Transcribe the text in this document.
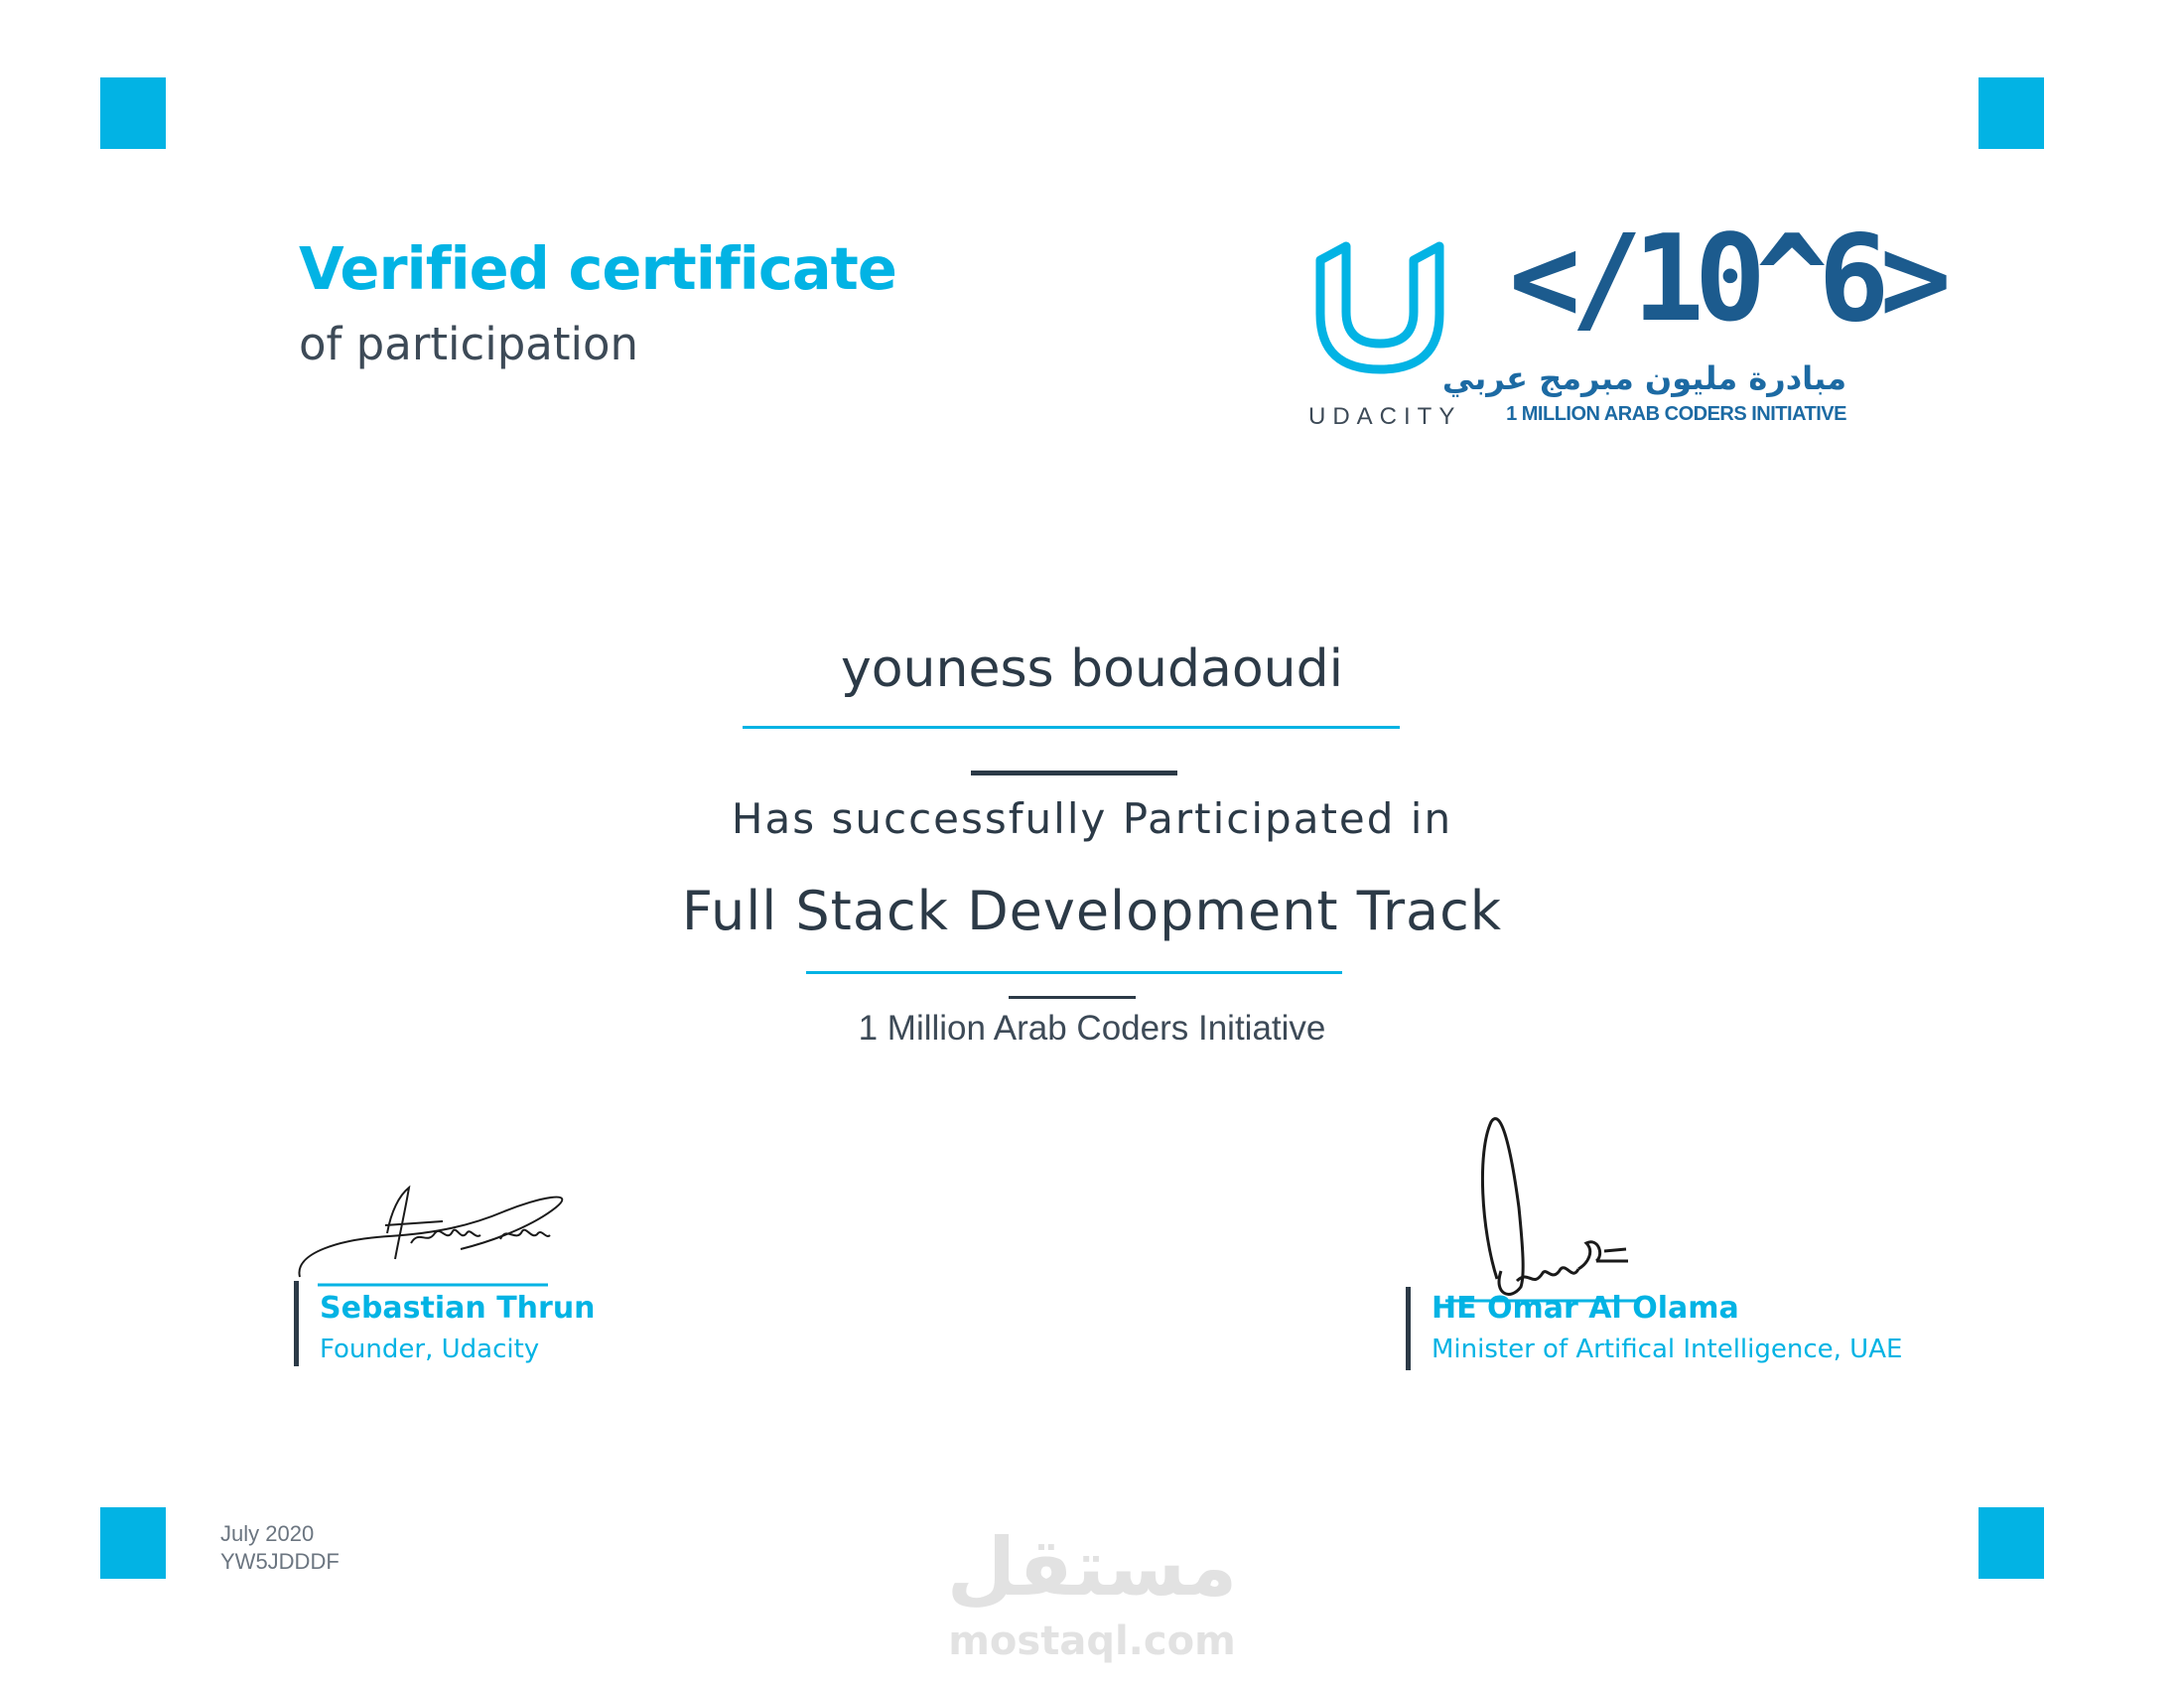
Verified certificate
of participation
UDACITY
</10^6>
مبادرة مليون مبرمج عربي
1 MILLION ARAB CODERS INITIATIVE
youness boudaoudi
Has successfully Participated in
Full Stack Development Track
1 Million Arab Coders Initiative
Sebastian Thrun
Founder, Udacity
HE Omar Al Olama
Minister of Artifical Intelligence, UAE
July 2020
YW5JDDDF	مستقل
mostaql.com
